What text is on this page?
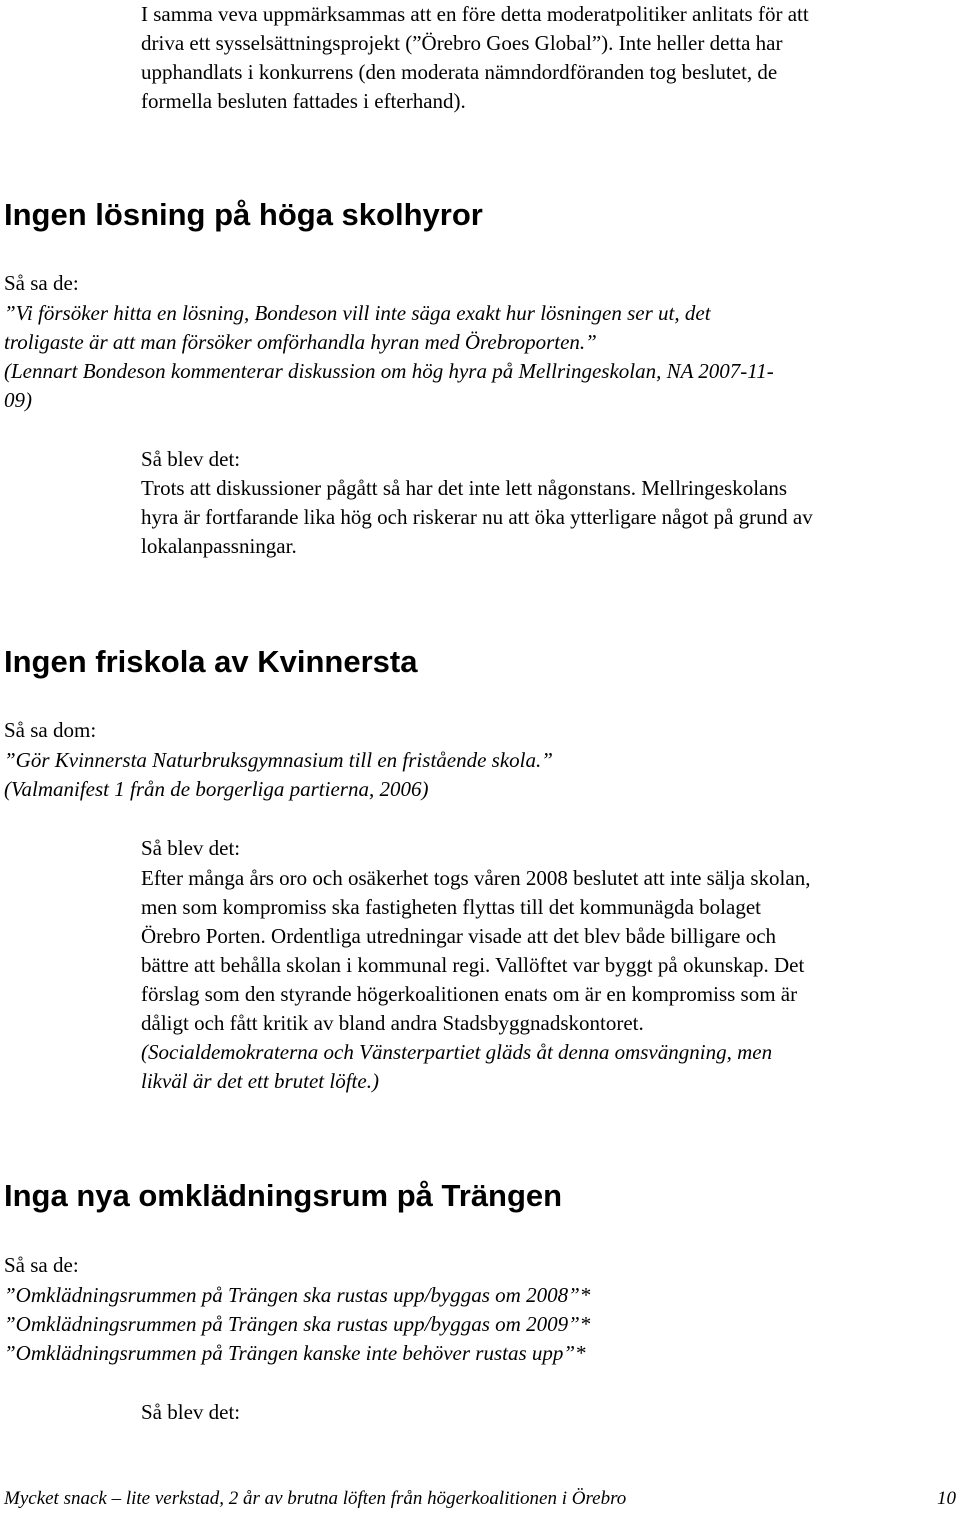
I samma veva uppmärksammas att en före detta moderatpolitiker anlitats för att
driva ett sysselsättningsprojekt (”Örebro Goes Global”). Inte heller detta har
upphandlats i konkurrens (den moderata nämndordföranden tog beslutet, de
formella besluten fattades i efterhand).
Ingen lösning på höga skolhyror
Så sa de:
”Vi försöker hitta en lösning, Bondeson vill inte säga exakt hur lösningen ser ut, det
troligaste är att man försöker omförhandla hyran med Örebroporten.”
(Lennart Bondeson kommenterar diskussion om hög hyra på Mellringeskolan, NA 2007-11-
09)
Så blev det:
Trots att diskussioner pågått så har det inte lett någonstans. Mellringeskolans
hyra är fortfarande lika hög och riskerar nu att öka ytterligare något på grund av
lokalanpassningar.
Ingen friskola av Kvinnersta
Så sa dom:
”Gör Kvinnersta Naturbruksgymnasium till en fristående skola.”
(Valmanifest 1 från de borgerliga partierna, 2006)
Så blev det:
Efter många års oro och osäkerhet togs våren 2008 beslutet att inte sälja skolan,
men som kompromiss ska fastigheten flyttas till det kommunägda bolaget
Örebro Porten. Ordentliga utredningar visade att det blev både billigare och
bättre att behålla skolan i kommunal regi. Vallöftet var byggt på okunskap. Det
förslag som den styrande högerkoalitionen enats om är en kompromiss som är
dåligt och fått kritik av bland andra Stadsbyggnadskontoret.
(Socialdemokraterna och Vänsterpartiet gläds åt denna omsvängning, men
likväl är det ett brutet löfte.)
Inga nya omklädningsrum på Trängen
Så sa de:
”Omklädningsrummen på Trängen ska rustas upp/byggas om 2008”*
”Omklädningsrummen på Trängen ska rustas upp/byggas om 2009”*
”Omklädningsrummen på Trängen kanske inte behöver rustas upp”*
Så blev det:
Mycket snack – lite verkstad, 2 år av brutna löften från högerkoalitionen i Örebro	10
